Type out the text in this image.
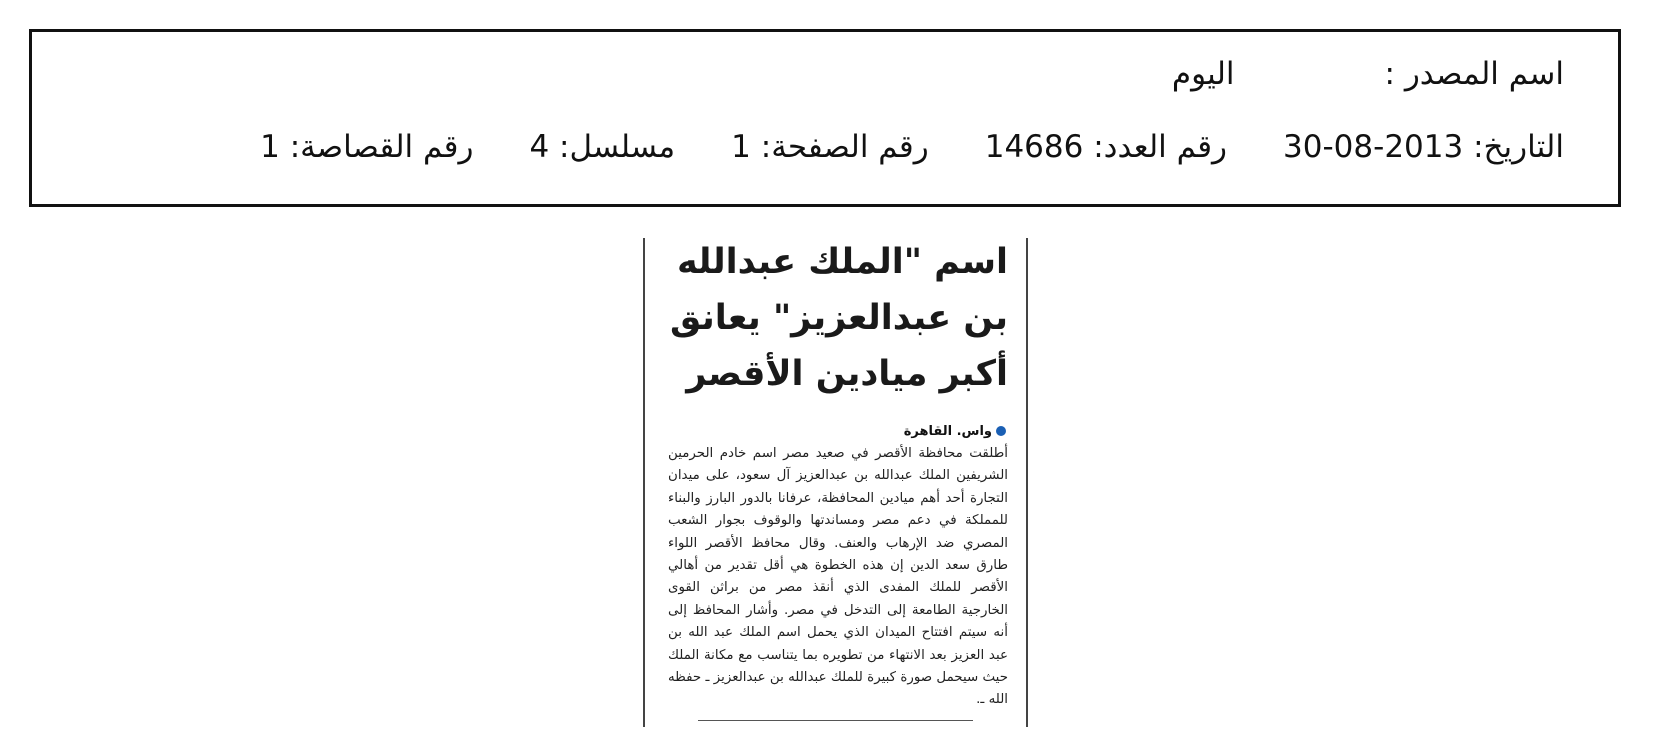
اسم المصدر :اليوم
التاريخ: 2013-08-30رقم العدد: 14686رقم الصفحة: 1مسلسل: 4رقم القصاصة: 1
اسم "الملك عبدالله بن عبدالعزيز" يعانق أكبر ميادين الأقصر
واس. القاهرة
أطلقت محافظة الأقصر في صعيد مصر اسم خادم الحرمين الشريفين الملك عبدالله بن عبدالعزيز آل سعود، على ميدان التجارة أحد أهم ميادين المحافظة، عرفانا بالدور البارز والبناء للمملكة في دعم مصر ومساندتها والوقوف بجوار الشعب المصري ضد الإرهاب والعنف. وقال محافظ الأقصر اللواء طارق سعد الدين إن هذه الخطوة هي أقل تقدير من أهالي الأقصر للملك المفدى الذي أنقذ مصر من براثن القوى الخارجية الطامعة إلى التدخل في مصر. وأشار المحافظ إلى أنه سيتم افتتاح الميدان الذي يحمل اسم الملك عبد الله بن عبد العزيز بعد الانتهاء من تطويره بما يتناسب مع مكانة الملك حيث سيحمل صورة كبيرة للملك عبدالله بن عبدالعزيز ـ حفظه الله ـ.
